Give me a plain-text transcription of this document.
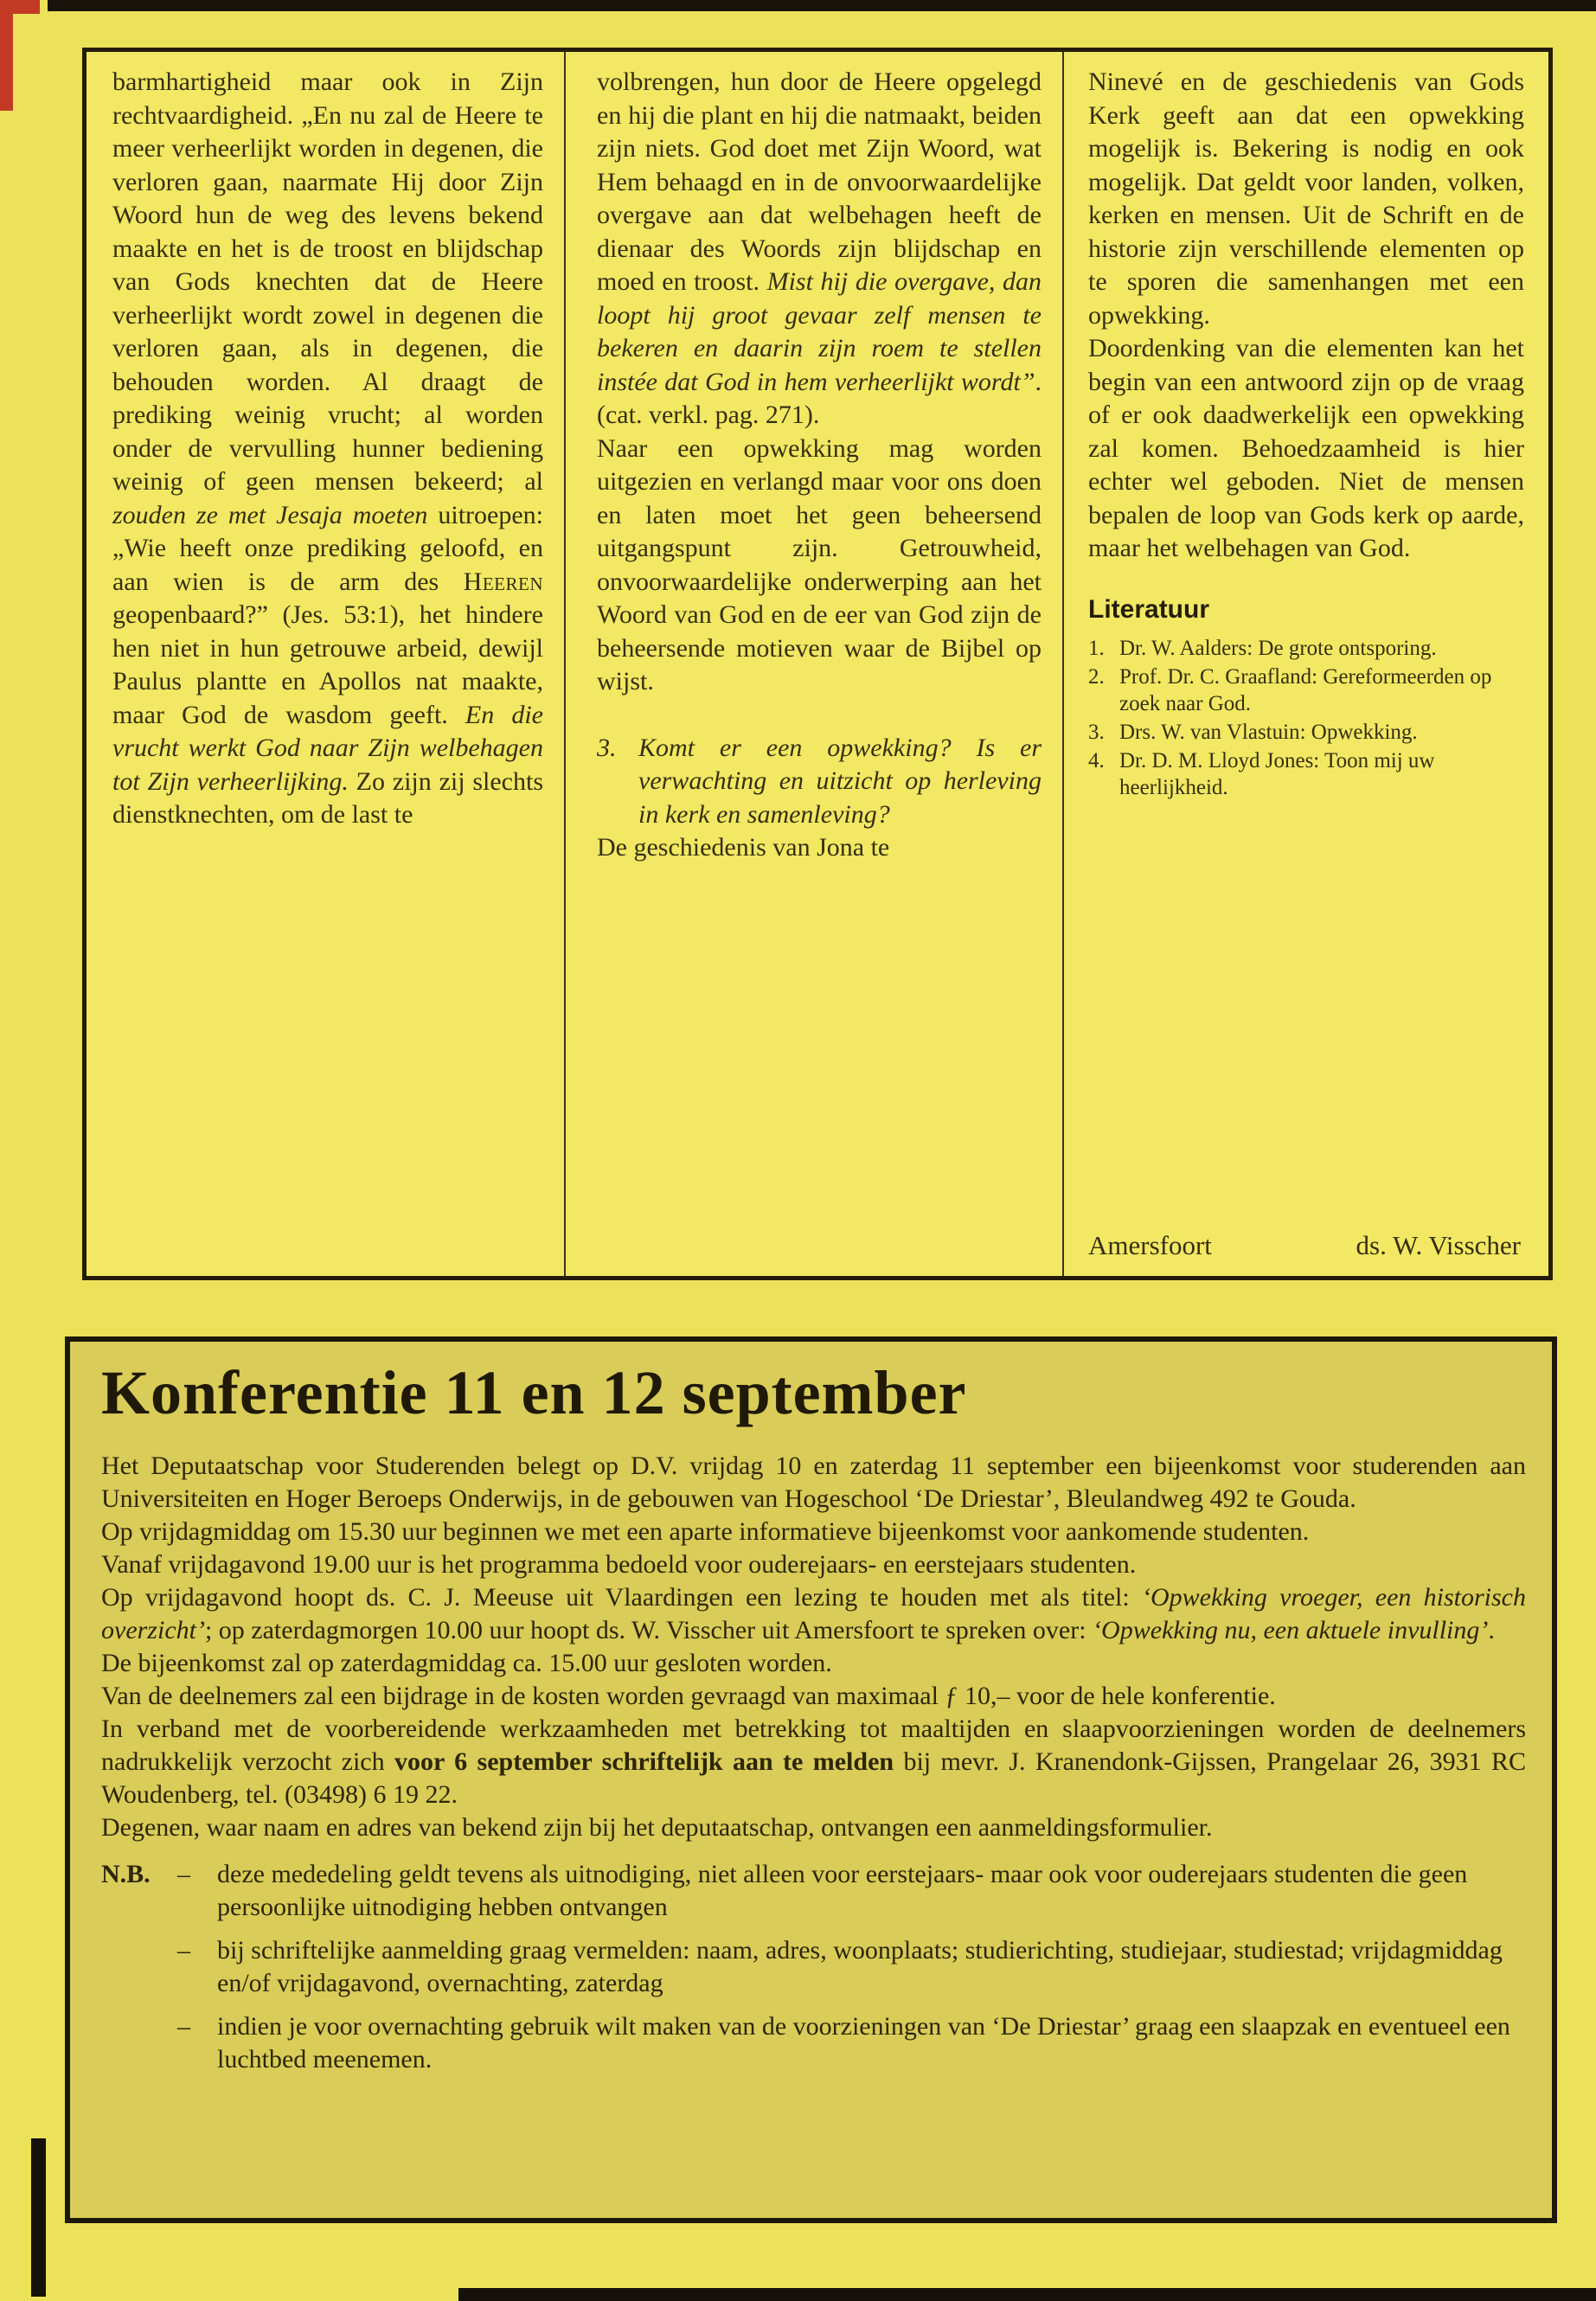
barmhartigheid maar ook in Zijn rechtvaardigheid. „En nu zal de Heere te meer verheerlijkt worden in degenen, die verloren gaan, naarmate Hij door Zijn Woord hun de weg des levens bekend maakte en het is de troost en blijdschap van Gods knechten dat de Heere verheerlijkt wordt zowel in degenen die verloren gaan, als in degenen, die behouden worden. Al draagt de prediking weinig vrucht; al worden onder de vervulling hunner bediening weinig of geen mensen bekeerd; al zouden ze met Jesaja moeten uitroepen: „Wie heeft onze prediking geloofd, en aan wien is de arm des Heeren geopenbaard?” (Jes. 53:1), het hindere hen niet in hun getrouwe arbeid, dewijl Paulus plantte en Apollos nat maakte, maar God de wasdom geeft. En die vrucht werkt God naar Zijn welbehagen tot Zijn verheerlijking. Zo zijn zij slechts dienstknechten, om de last te

volbrengen, hun door de Heere opgelegd en hij die plant en hij die natmaakt, beiden zijn niets. God doet met Zijn Woord, wat Hem behaagd en in de onvoorwaardelijke overgave aan dat welbehagen heeft de dienaar des Woords zijn blijdschap en moed en troost. Mist hij die overgave, dan loopt hij groot gevaar zelf mensen te bekeren en daarin zijn roem te stellen instée dat God in hem verheerlijkt wordt”. (cat. verkl. pag. 271).

Naar een opwekking mag worden uitgezien en verlangd maar voor ons doen en laten moet het geen beheersend uitgangspunt zijn. Getrouwheid, onvoorwaardelijke onderwerping aan het Woord van God en de eer van God zijn de beheersende motieven waar de Bijbel op wijst.

3. Komt er een opwekking? Is er verwachting en uitzicht op herleving in kerk en samenleving?

De geschiedenis van Jona te

Ninevé en de geschiedenis van Gods Kerk geeft aan dat een opwekking mogelijk is. Bekering is nodig en ook mogelijk. Dat geldt voor landen, volken, kerken en mensen. Uit de Schrift en de historie zijn verschillende elementen op te sporen die samenhangen met een opwekking.

Doordenking van die elementen kan het begin van een antwoord zijn op de vraag of er ook daadwerkelijk een opwekking zal komen. Behoedzaamheid is hier echter wel geboden. Niet de mensen bepalen de loop van Gods kerk op aarde, maar het welbehagen van God.

Literatuur
1. Dr. W. Aalders: De grote ontsporing.
2. Prof. Dr. C. Graafland: Gereformeerden op zoek naar God.
3. Drs. W. van Vlastuin: Opwekking.
4. Dr. D. M. Lloyd Jones: Toon mij uw heerlijkheid.
Amersfoort	ds. W. Visscher
Konferentie 11 en 12 september

Het Deputaatschap voor Studerenden belegt op D.V. vrijdag 10 en zaterdag 11 september een bijeenkomst voor studerenden aan Universiteiten en Hoger Beroeps Onderwijs, in de gebouwen van Hogeschool ‘De Driestar’, Bleulandweg 492 te Gouda.

Op vrijdagmiddag om 15.30 uur beginnen we met een aparte informatieve bijeenkomst voor aankomende studenten.

Vanaf vrijdagavond 19.00 uur is het programma bedoeld voor ouderejaars- en eerstejaars studenten.

Op vrijdagavond hoopt ds. C. J. Meeuse uit Vlaardingen een lezing te houden met als titel: ‘Opwekking vroeger, een historisch overzicht’; op zaterdagmorgen 10.00 uur hoopt ds. W. Visscher uit Amersfoort te spreken over: ‘Opwekking nu, een aktuele invulling’.

De bijeenkomst zal op zaterdagmiddag ca. 15.00 uur gesloten worden.

Van de deelnemers zal een bijdrage in de kosten worden gevraagd van maximaal ƒ 10,– voor de hele konferentie.

In verband met de voorbereidende werkzaamheden met betrekking tot maaltijden en slaapvoorzieningen worden de deelnemers nadrukkelijk verzocht zich voor 6 september schriftelijk aan te melden bij mevr. J. Kranendonk-Gijssen, Prangelaar 26, 3931 RC Woudenberg, tel. (03498) 6 19 22.

Degenen, waar naam en adres van bekend zijn bij het deputaatschap, ontvangen een aanmeldingsformulier.

N.B.	–	deze mededeling geldt tevens als uitnodiging, niet alleen voor eerstejaars- maar ook voor ouderejaars studenten die geen persoonlijke uitnodiging hebben ontvangen
–	bij schriftelijke aanmelding graag vermelden: naam, adres, woonplaats; studierichting, studiejaar, studiestad; vrijdagmiddag en/of vrijdagavond, overnachting, zaterdag
–	indien je voor overnachting gebruik wilt maken van de voorzieningen van ‘De Driestar’ graag een slaapzak en eventueel een luchtbed meenemen.
